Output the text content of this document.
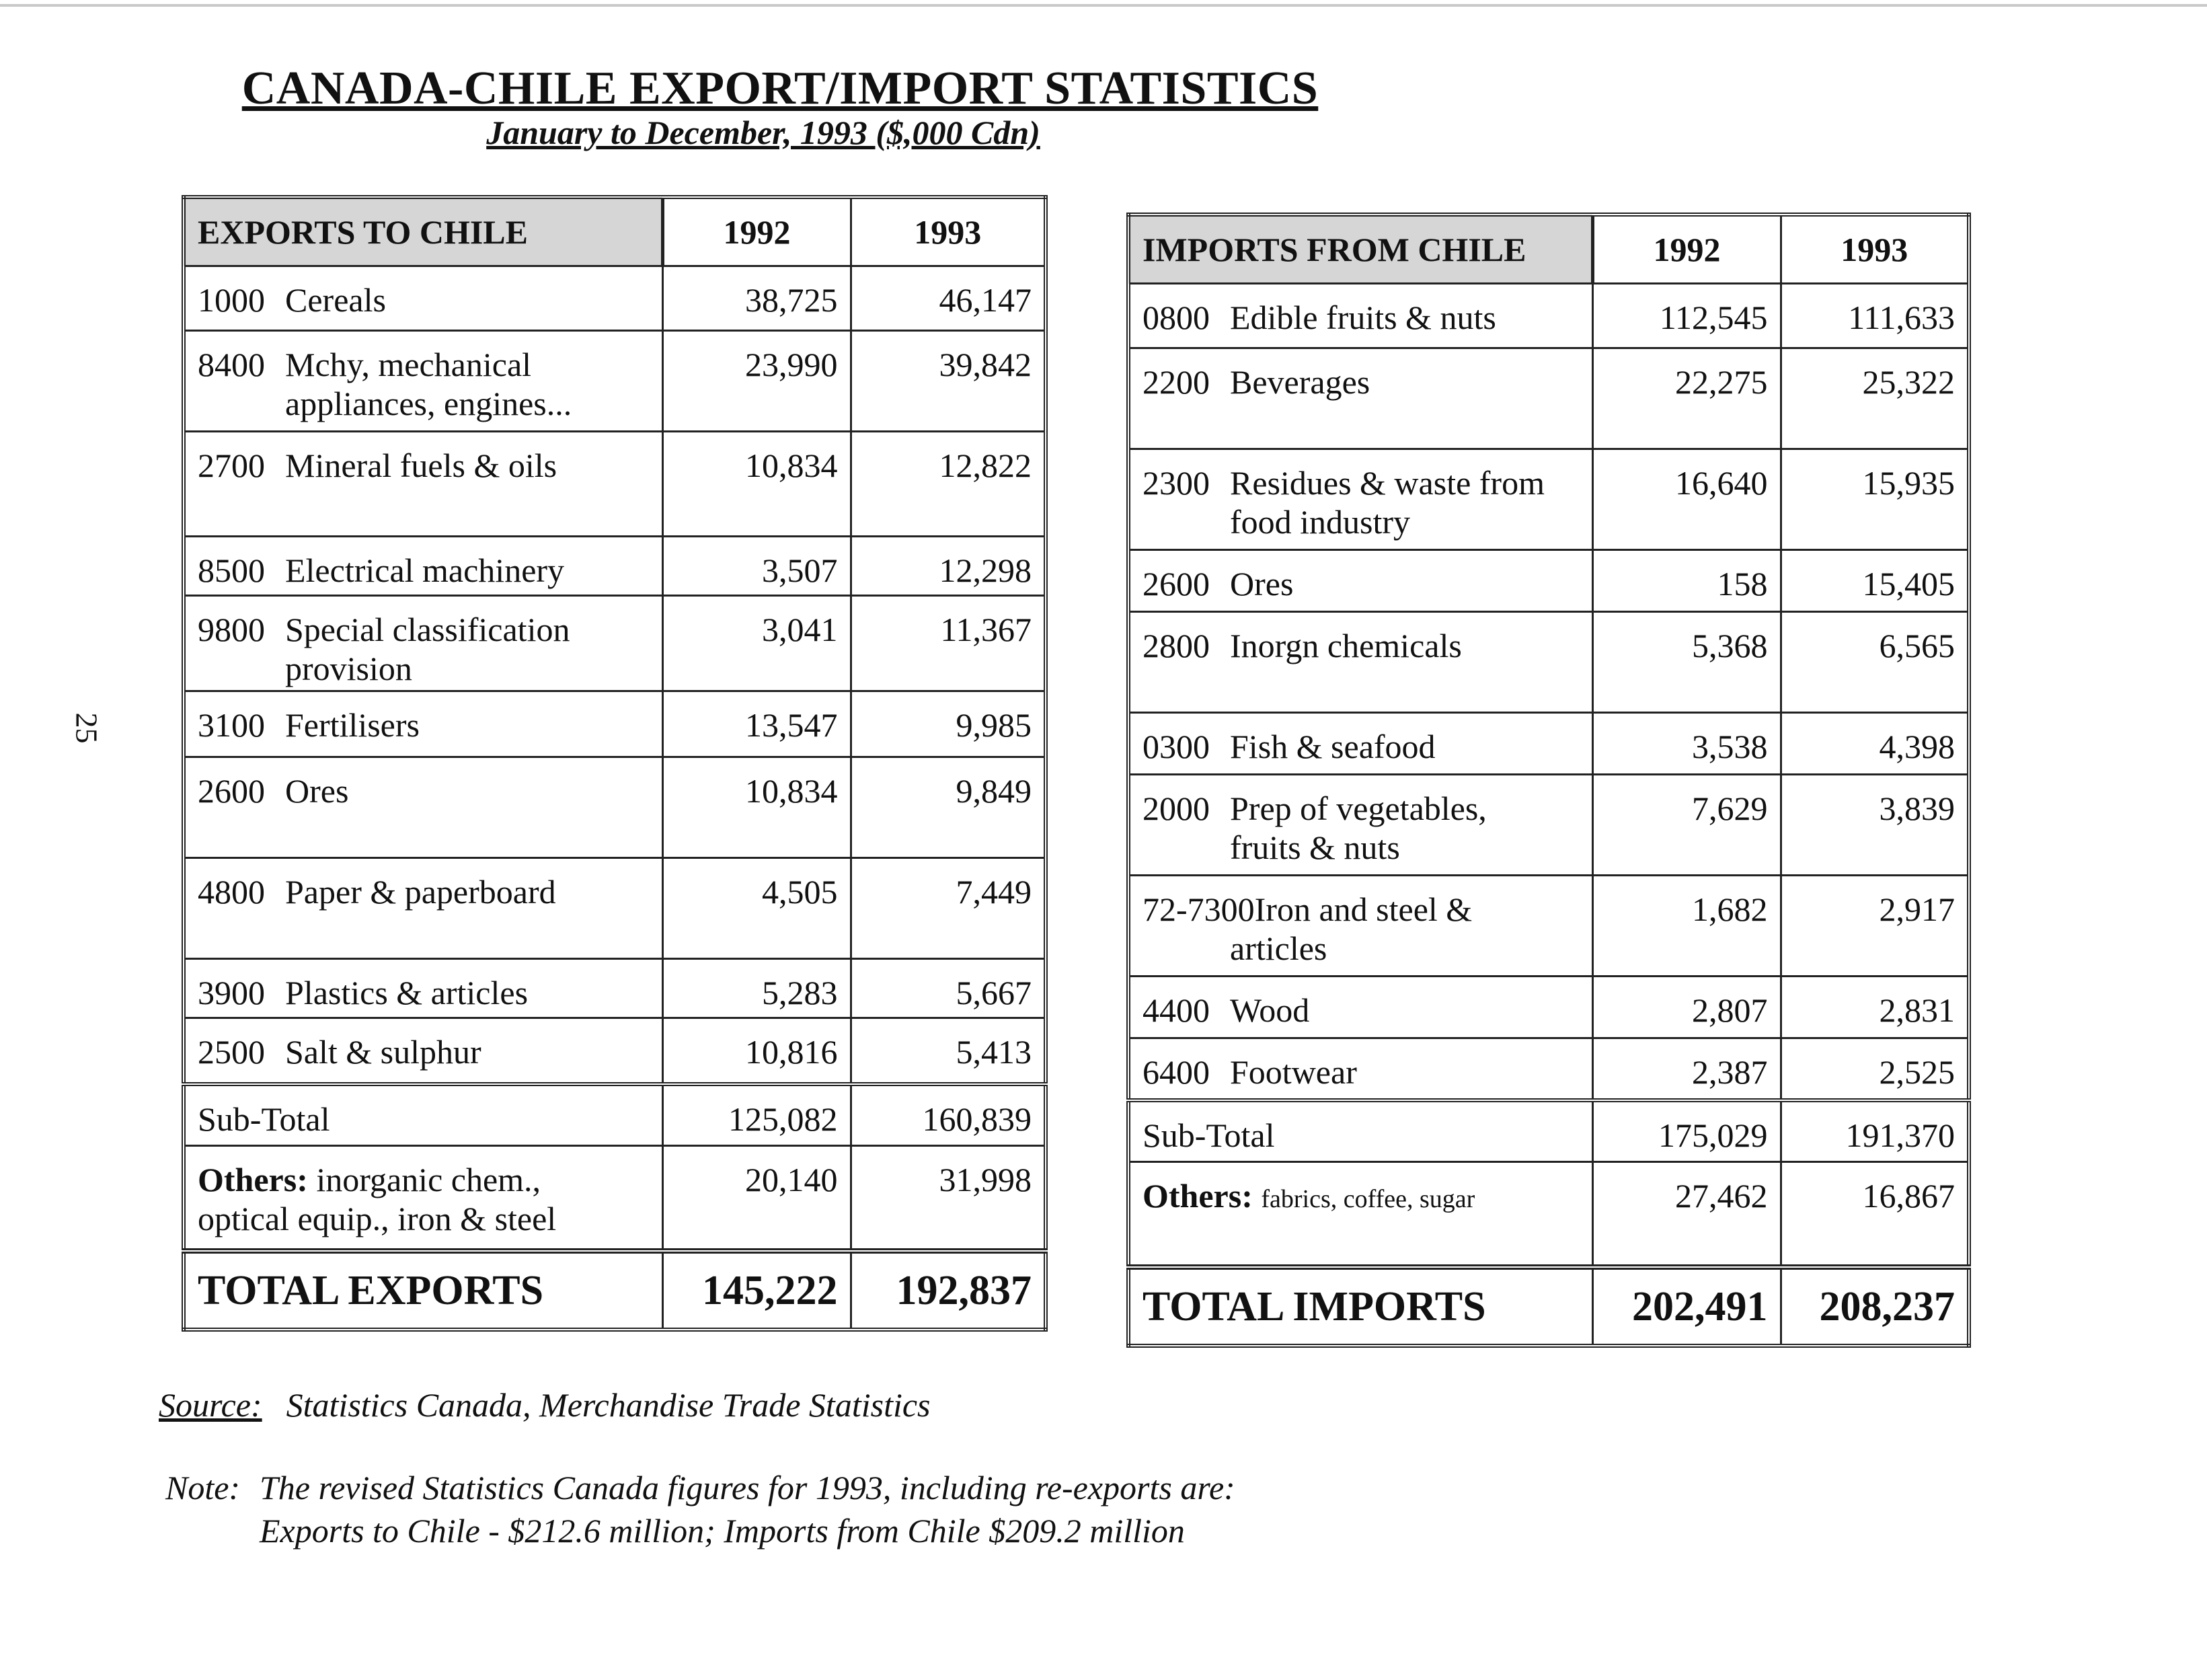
25
CANADA-CHILE EXPORT/IMPORT STATISTICS
January to December, 1993 ($,000 Cdn)
EXPORTS TO CHILE	1992	1993
1000 Cereals	38,725	46,147
8400 Mchy, mechanical
appliances, engines...	23,990	39,842
2700 Mineral fuels & oils	10,834	12,822
8500 Electrical machinery	3,507	12,298
9800 Special classification
provision	3,041	11,367
3100 Fertilisers	13,547	9,985
2600 Ores	10,834	9,849
4800 Paper & paperboard	4,505	7,449
3900 Plastics & articles	5,283	5,667
2500 Salt & sulphur	10,816	5,413
Sub-Total	125,082	160,839
Others: inorganic chem.,
optical equip., iron & steel	20,140	31,998
TOTAL EXPORTS	145,222	192,837
IMPORTS FROM CHILE	1992	1993
0800 Edible fruits & nuts	112,545	111,633
2200 Beverages	22,275	25,322
2300 Residues & waste from
food industry	16,640	15,935
2600 Ores	158	15,405
2800 Inorgn chemicals	5,368	6,565
0300 Fish & seafood	3,538	4,398
2000 Prep of vegetables,
fruits & nuts	7,629	3,839
72-7300Iron and steel &
articles	1,682	2,917
4400 Wood	2,807	2,831
6400 Footwear	2,387	2,525
Sub-Total	175,029	191,370
Others: fabrics, coffee, sugar	27,462	16,867
TOTAL IMPORTS	202,491	208,237
Source: Statistics Canada, Merchandise Trade Statistics
Note: The revised Statistics Canada figures for 1993, including re-exports are:
Exports to Chile - $212.6 million; Imports from Chile $209.2 million
